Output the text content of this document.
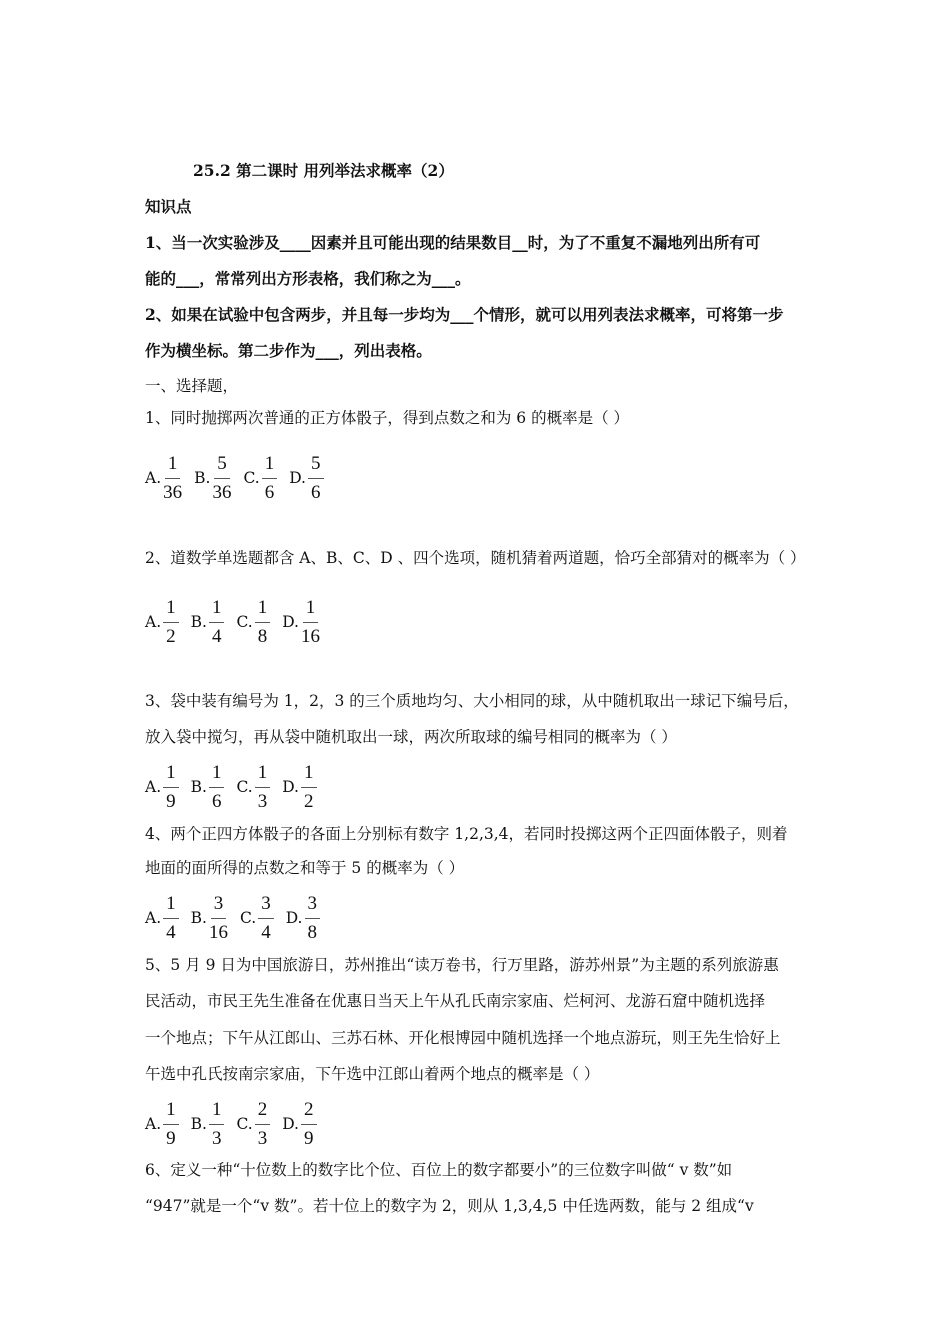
25.2 第二课时 用列举法求概率（2）
知识点
1、当一次实验涉及____因素并且可能出现的结果数目__时，为了不重复不漏地列出所有可
能的___，常常列出方形表格，我们称之为___。
2、如果在试验中包含两步，并且每一步均为___个情形，就可以用列表法求概率，可将第一步
作为横坐标。第二步作为___，列出表格。
一、选择题，
1、同时抛掷两次普通的正方体骰子，得到点数之和为 6 的概率是（ ）
A. $\frac{1}{36} B$. $\frac{5}{36} C$. $\frac{1}{6} D$. $\frac{5}{6}$
2、道数学单选题都含 A、B、C、D 、四个选项，随机猜着两道题，恰巧全部猜对的概率为（ ）
A. $\frac{1}{2} B$. $\frac{1}{4} C$. $\frac{1}{8} D$. $\frac{1}{16}$
3、袋中装有编号为 1，2，3 的三个质地均匀、大小相同的球，从中随机取出一球记下编号后，
放入袋中搅匀，再从袋中随机取出一球，两次所取球的编号相同的概率为（ ）
A. $\frac{1}{9} B$. $\frac{1}{6} C$. $\frac{1}{3} D$. $\frac{1}{2}$
4、两个正四方体骰子的各面上分别标有数字 1,2,3,4，若同时投掷这两个正四面体骰子，则着
地面的面所得的点数之和等于 5 的概率为（ ）
A. $\frac{1}{4} B$. $\frac{3}{16} C$. $\frac{3}{4} D$. $\frac{3}{8}$
5、5 月 9 日为中国旅游日，苏州推出“读万卷书，行万里路，游苏州景”为主题的系列旅游惠
民活动，市民王先生准备在优惠日当天上午从孔氏南宗家庙、烂柯河、龙游石窟中随机选择
一个地点；下午从江郎山、三苏石林、开化根博园中随机选择一个地点游玩，则王先生恰好上
午选中孔氏按南宗家庙，下午选中江郎山着两个地点的概率是（ ）
A. $\frac{1}{9} B$. $\frac{1}{3} C$. $\frac{2}{3} D$. $\frac{2}{9}$
6、定义一种“十位数上的数字比个位、百位上的数字都要小”的三位数字叫做“ v 数”如
“947”就是一个“v 数”。若十位上的数字为 2，则从 1,3,4,5 中任选两数，能与 2 组成“v
